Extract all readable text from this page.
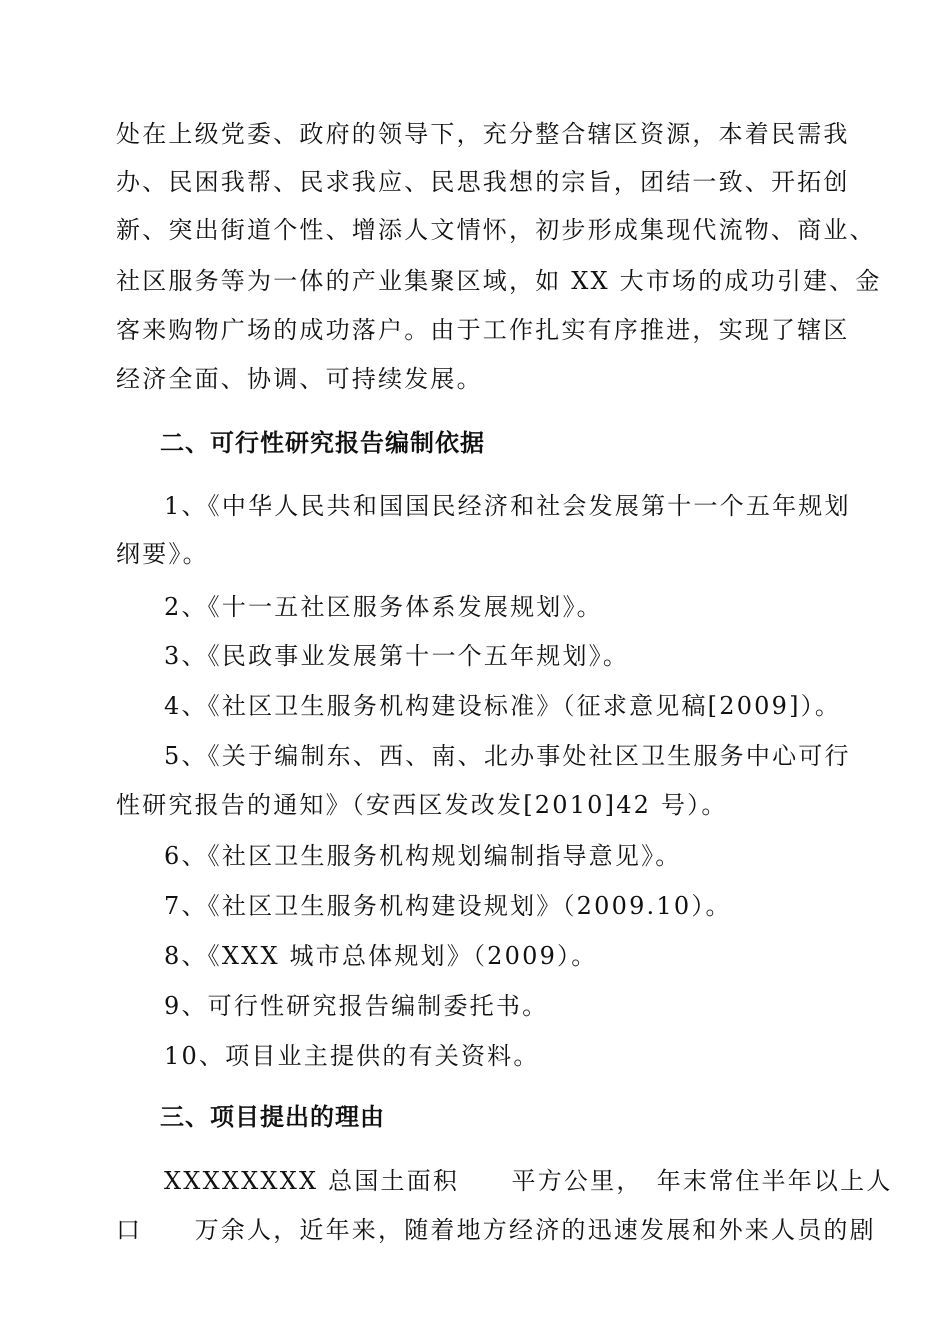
处在上级党委、政府的领导下，充分整合辖区资源，本着民需我
办、民困我帮、民求我应、民思我想的宗旨，团结一致、开拓创
新、突出街道个性、增添人文情怀，初步形成集现代流物、商业、
社区服务等为一体的产业集聚区域，如 XX 大市场的成功引建、金
客来购物广场的成功落户。由于工作扎实有序推进，实现了辖区
经济全面、协调、可持续发展。
二、可行性研究报告编制依据
1、《中华人民共和国国民经济和社会发展第十一个五年规划
纲要》。
2、《十一五社区服务体系发展规划》。
3、《民政事业发展第十一个五年规划》。
4、《社区卫生服务机构建设标准》（征求意见稿[2009]）。
5、《关于编制东、西、南、北办事处社区卫生服务中心可行
性研究报告的通知》（安西区发改发[2010]42 号）。
6、《社区卫生服务机构规划编制指导意见》。
7、《社区卫生服务机构建设规划》（2009.10）。
8、《XXX 城市总体规划》（2009）。
9、可行性研究报告编制委托书。
10、项目业主提供的有关资料。
三、项目提出的理由
XXXXXXXX 总国土面积　　平方公里，　年末常住半年以上人
口　　万余人，近年来，随着地方经济的迅速发展和外来人员的剧
